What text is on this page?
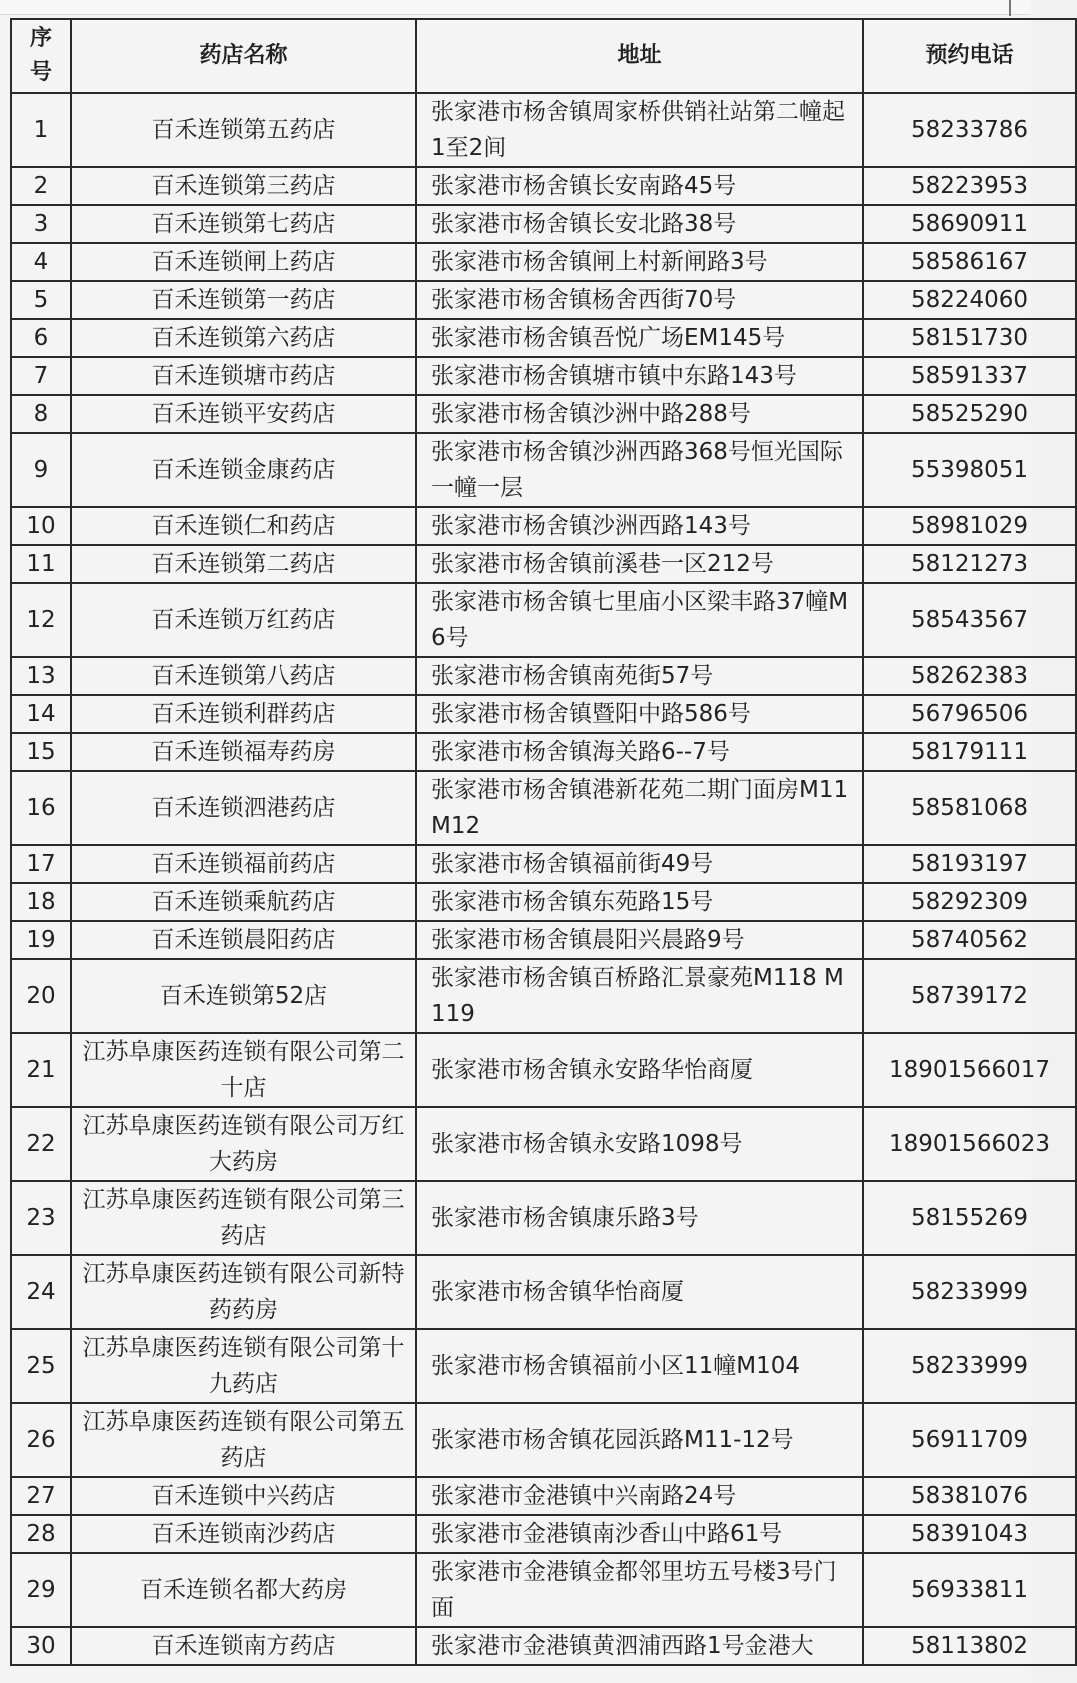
序
号	药店名称	地址	预约电话
1	百禾连锁第五药店	张家港市杨舍镇周家桥供销社站第二幢起1至2间	58233786
2	百禾连锁第三药店	张家港市杨舍镇长安南路45号	58223953
3	百禾连锁第七药店	张家港市杨舍镇长安北路38号	58690911
4	百禾连锁闸上药店	张家港市杨舍镇闸上村新闸路3号	58586167
5	百禾连锁第一药店	张家港市杨舍镇杨舍西街70号	58224060
6	百禾连锁第六药店	张家港市杨舍镇吾悦广场EM145号	58151730
7	百禾连锁塘市药店	张家港市杨舍镇塘市镇中东路143号	58591337
8	百禾连锁平安药店	张家港市杨舍镇沙洲中路288号	58525290
9	百禾连锁金康药店	张家港市杨舍镇沙洲西路368号恒光国际一幢一层	55398051
10	百禾连锁仁和药店	张家港市杨舍镇沙洲西路143号	58981029
11	百禾连锁第二药店	张家港市杨舍镇前溪巷一区212号	58121273
12	百禾连锁万红药店	张家港市杨舍镇七里庙小区梁丰路37幢M6号	58543567
13	百禾连锁第八药店	张家港市杨舍镇南苑街57号	58262383
14	百禾连锁利群药店	张家港市杨舍镇暨阳中路586号	56796506
15	百禾连锁福寿药房	张家港市杨舍镇海关路6--7号	58179111
16	百禾连锁泗港药店	张家港市杨舍镇港新花苑二期门面房M11M12	58581068
17	百禾连锁福前药店	张家港市杨舍镇福前街49号	58193197
18	百禾连锁乘航药店	张家港市杨舍镇东苑路15号	58292309
19	百禾连锁晨阳药店	张家港市杨舍镇晨阳兴晨路9号	58740562
20	百禾连锁第52店	张家港市杨舍镇百桥路汇景豪苑M118 M119	58739172
21	江苏阜康医药连锁有限公司第二十店	张家港市杨舍镇永安路华怡商厦	18901566017
22	江苏阜康医药连锁有限公司万红大药房	张家港市杨舍镇永安路1098号	18901566023
23	江苏阜康医药连锁有限公司第三药店	张家港市杨舍镇康乐路3号	58155269
24	江苏阜康医药连锁有限公司新特药药房	张家港市杨舍镇华怡商厦	58233999
25	江苏阜康医药连锁有限公司第十九药店	张家港市杨舍镇福前小区11幢M104	58233999
26	江苏阜康医药连锁有限公司第五药店	张家港市杨舍镇花园浜路M11-12号	56911709
27	百禾连锁中兴药店	张家港市金港镇中兴南路24号	58381076
28	百禾连锁南沙药店	张家港市金港镇南沙香山中路61号	58391043
29	百禾连锁名都大药房	张家港市金港镇金都邻里坊五号楼3号门面	56933811
30	百禾连锁南方药店	张家港市金港镇黄泗浦西路1号金港大	58113802
